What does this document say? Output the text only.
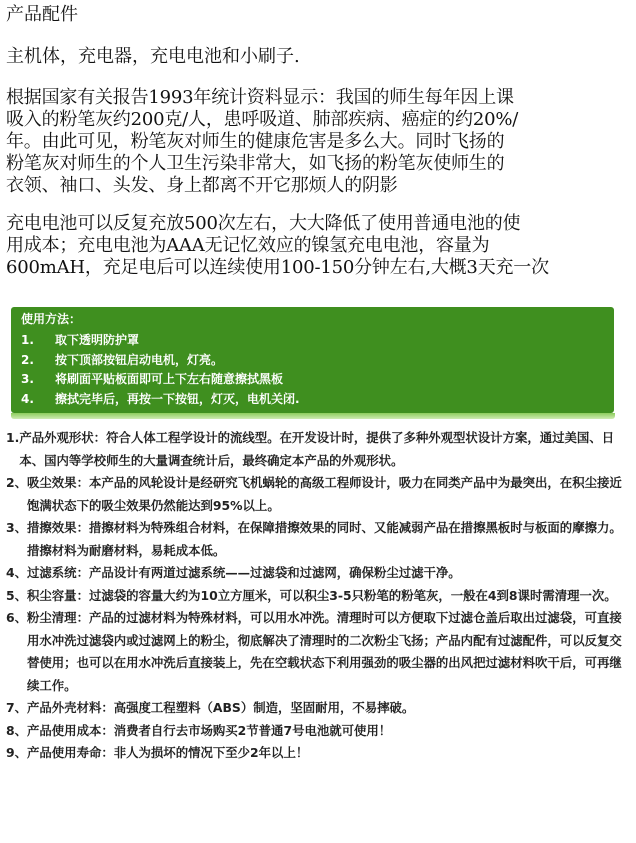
产品配件

主机体，充电器，充电电池和小刷子.

根据国家有关报告1993年统计资料显示：我国的师生每年因上课

吸入的粉笔灰约200克/人，患呼吸道、肺部疾病、癌症的约20%/

年。由此可见，粉笔灰对师生的健康危害是多么大。同时飞扬的

粉笔灰对师生的个人卫生污染非常大，如飞扬的粉笔灰使师生的

衣领、袖口、头发、身上都离不开它那烦人的阴影

充电电池可以反复充放500次左右，大大降低了使用普通电池的使

用成本；充电电池为AAA无记忆效应的镍氢充电电池，容量为

600mAH，充足电后可以连续使用100-150分钟左右,大概3天充一次

使用方法：
1. 取下透明防护罩
2. 按下顶部按钮启动电机，灯亮。
3. 将刷面平贴板面即可上下左右随意擦拭黑板
4. 擦拭完毕后，再按一下按钮，灯灭，电机关闭.
1. 产品外观形状：符合人体工程学设计的流线型。在开发设计时，提供了多种外观型状设计方案，通过美国、日本、国内等学校师生的大量调查统计后，最终确定本产品的外观形状。
2、 吸尘效果：本产品的风轮设计是经研究飞机蜗轮的高级工程师设计，吸力在同类产品中为最突出，在积尘接近饱满状态下的吸尘效果仍然能达到95%以上。
3、 措擦效果：措擦材料为特殊组合材料，在保障措擦效果的同时、又能减弱产品在措擦黑板时与板面的摩擦力。措擦材料为耐磨材料，易耗成本低。
4、 过滤系统：产品设计有两道过滤系统——过滤袋和过滤网，确保粉尘过滤干净。
5、 积尘容量：过滤袋的容量大约为10立方厘米，可以积尘3-5只粉笔的粉笔灰，一般在4到8课时需清理一次。
6、 粉尘清理：产品的过滤材料为特殊材料，可以用水冲洗。清理时可以方便取下过滤仓盖后取出过滤袋，可直接用水冲洗过滤袋内或过滤网上的粉尘，彻底解决了清理时的二次粉尘飞扬；产品内配有过滤配件，可以反复交替使用；也可以在用水冲洗后直接装上，先在空载状态下利用强劲的吸尘器的出风把过滤材料吹干后，可再继续工作。
7、 产品外壳材料：高强度工程塑料（ABS）制造，坚固耐用，不易摔破。
8、 产品使用成本：消费者自行去市场购买2节普通7号电池就可使用！
9、 产品使用寿命：非人为损坏的情况下至少2年以上！
